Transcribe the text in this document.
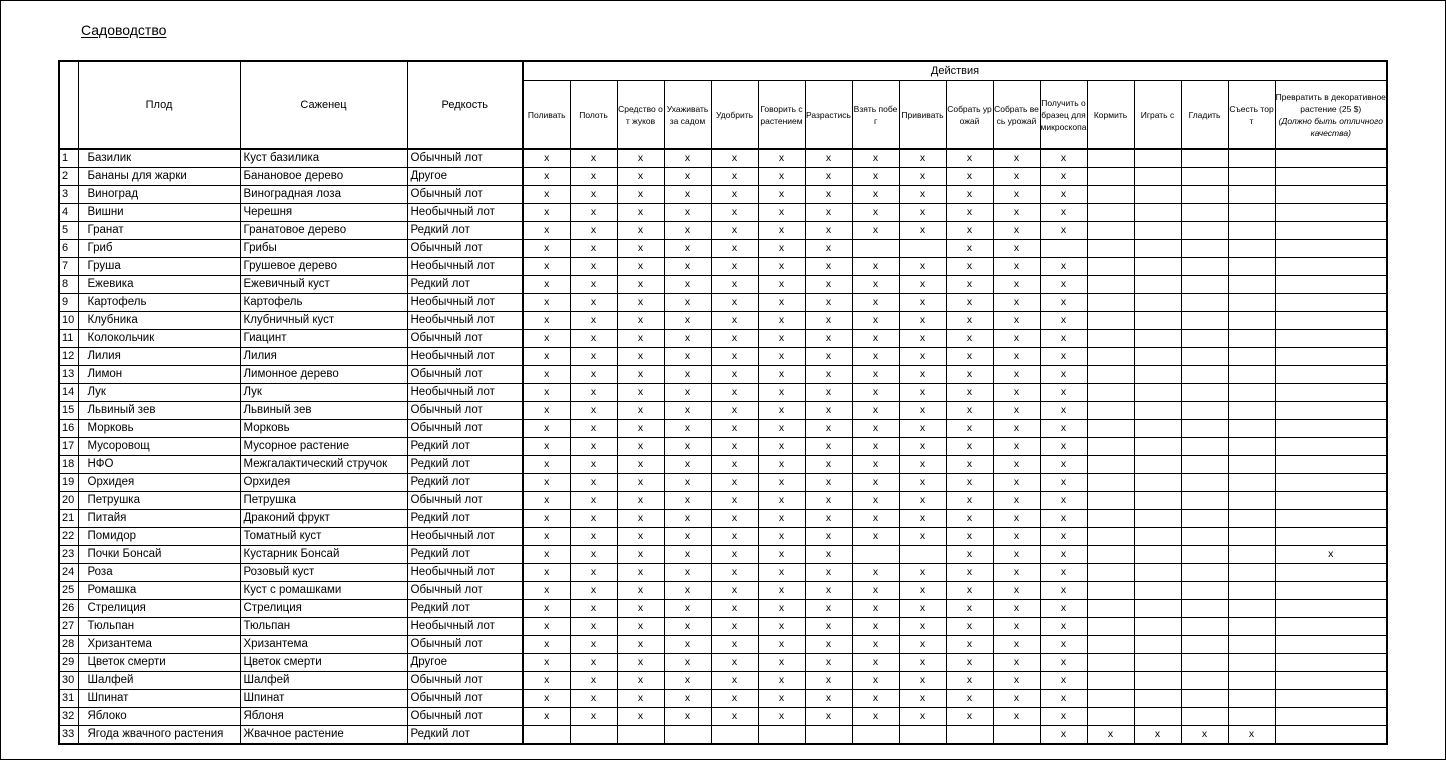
Садоводство
	Плод	Саженец	Редкость	Действия																
				Поливать	Полоть	Средство от жуков	Ухаживать за садом	Удобрить	Говорить с растением	Разрастись	Взять побег	Прививать	Собрать урожай	Собрать весь урожай	Получить образец для микроскопа	Кормить	Играть с	Гладить	Съесть торт	Превратить в декоративное растение (25 $)
(Должно быть отличного качества)

1	Базилик	Куст базилика	Обычный лот	x	x	x	x	x	x	x	x	x	x	x	x					
2	Бананы для жарки	Банановое дерево	Другое	x	x	x	x	x	x	x	x	x	x	x	x					
3	Виноград	Виноградная лоза	Обычный лот	x	x	x	x	x	x	x	x	x	x	x	x					
4	Вишни	Черешня	Необычный лот	x	x	x	x	x	x	x	x	x	x	x	x					
5	Гранат	Гранатовое дерево	Редкий лот	x	x	x	x	x	x	x	x	x	x	x	x					
6	Гриб	Грибы	Обычный лот	x	x	x	x	x	x	x			x	x						
7	Груша	Грушевое дерево	Необычный лот	x	x	x	x	x	x	x	x	x	x	x	x					
8	Ежевика	Ежевичный куст	Редкий лот	x	x	x	x	x	x	x	x	x	x	x	x					
9	Картофель	Картофель	Необычный лот	x	x	x	x	x	x	x	x	x	x	x	x					
10	Клубника	Клубничный куст	Необычный лот	x	x	x	x	x	x	x	x	x	x	x	x					
11	Колокольчик	Гиацинт	Обычный лот	x	x	x	x	x	x	x	x	x	x	x	x					
12	Лилия	Лилия	Необычный лот	x	x	x	x	x	x	x	x	x	x	x	x					
13	Лимон	Лимонное дерево	Обычный лот	x	x	x	x	x	x	x	x	x	x	x	x					
14	Лук	Лук	Необычный лот	x	x	x	x	x	x	x	x	x	x	x	x					
15	Львиный зев	Львиный зев	Обычный лот	x	x	x	x	x	x	x	x	x	x	x	x					
16	Морковь	Морковь	Обычный лот	x	x	x	x	x	x	x	x	x	x	x	x					
17	Мусоровощ	Мусорное растение	Редкий лот	x	x	x	x	x	x	x	x	x	x	x	x					
18	НФО	Межгалактический стручок	Редкий лот	x	x	x	x	x	x	x	x	x	x	x	x					
19	Орхидея	Орхидея	Редкий лот	x	x	x	x	x	x	x	x	x	x	x	x					
20	Петрушка	Петрушка	Обычный лот	x	x	x	x	x	x	x	x	x	x	x	x					
21	Питайя	Драконий фрукт	Редкий лот	x	x	x	x	x	x	x	x	x	x	x	x					
22	Помидор	Томатный куст	Необычный лот	x	x	x	x	x	x	x	x	x	x	x	x					
23	Почки Бонсай	Кустарник Бонсай	Редкий лот	x	x	x	x	x	x	x			x	x	x					x
24	Роза	Розовый куст	Необычный лот	x	x	x	x	x	x	x	x	x	x	x	x					
25	Ромашка	Куст с ромашками	Обычный лот	x	x	x	x	x	x	x	x	x	x	x	x					
26	Стрелиция	Стрелиция	Редкий лот	x	x	x	x	x	x	x	x	x	x	x	x					
27	Тюльпан	Тюльпан	Необычный лот	x	x	x	x	x	x	x	x	x	x	x	x					
28	Хризантема	Хризантема	Обычный лот	x	x	x	x	x	x	x	x	x	x	x	x					
29	Цветок смерти	Цветок смерти	Другое	x	x	x	x	x	x	x	x	x	x	x	x					
30	Шалфей	Шалфей	Обычный лот	x	x	x	x	x	x	x	x	x	x	x	x					
31	Шпинат	Шпинат	Обычный лот	x	x	x	x	x	x	x	x	x	x	x	x					
32	Яблоко	Яблоня	Обычный лот	x	x	x	x	x	x	x	x	x	x	x	x					
33	Ягода жвачного растения	Жвачное растение	Редкий лот												x	x	x	x	x	
